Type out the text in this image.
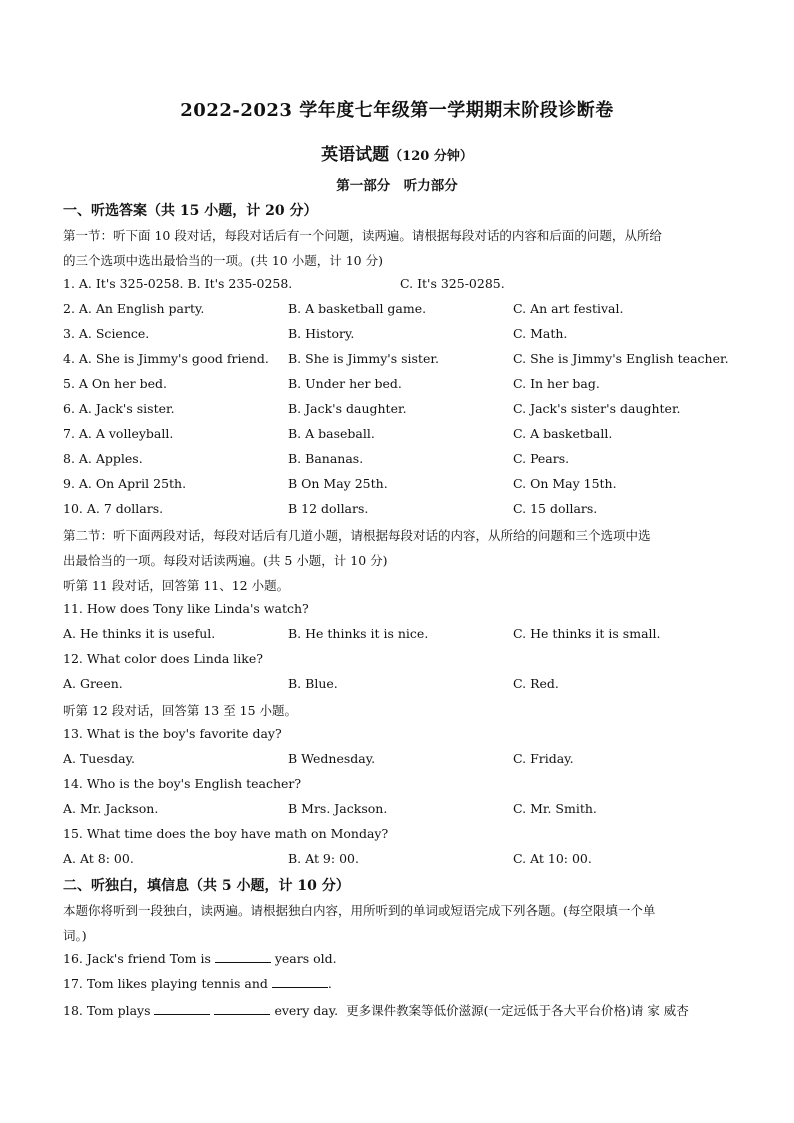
2022-2023 学年度七年级第一学期期末阶段诊断卷
英语试题（120 分钟）
第一部分　听力部分
一、听选答案（共 15 小题，计 20 分）
第一节：听下面 10 段对话，每段对话后有一个问题，读两遍。请根据每段对话的内容和后面的问题，从所给
的三个选项中选出最恰当的一项。(共 10 小题，计 10 分)
1. A. It's 325-0258. B. It's 235-0258.	C. It's 325-0285.
2. A. An English party.	B. A basketball game.	C. An art festival.
3. A. Science.	B. History.	C. Math.
4. A. She is Jimmy's good friend. B. She is Jimmy's sister.	C. She is Jimmy's English teacher.
5. A On her bed.	B. Under her bed.	C. In her bag.
6. A. Jack's sister.	B. Jack's daughter.	C. Jack's sister's daughter.
7. A. A volleyball.	B. A baseball.	C. A basketball.
8. A. Apples.	B. Bananas.	C. Pears.
9. A. On April 25th.	B On May 25th.	C. On May 15th.
10. A. 7 dollars.	B 12 dollars.	C. 15 dollars.
第二节：听下面两段对话，每段对话后有几道小题，请根据每段对话的内容，从所给的问题和三个选项中选
出最恰当的一项。每段对话读两遍。(共 5 小题，计 10 分)
听第 11 段对话，回答第 11、12 小题。
11. How does Tony like Linda's watch?
A. He thinks it is useful.	B. He thinks it is nice.	C. He thinks it is small.
12. What color does Linda like?
A. Green.	B. Blue.	C. Red.
听第 12 段对话，回答第 13 至 15 小题。
13. What is the boy's favorite day?
A. Tuesday.	B Wednesday.	C. Friday.
14. Who is the boy's English teacher?
A. Mr. Jackson.	B Mrs. Jackson.	C. Mr. Smith.
15. What time does the boy have math on Monday?
A. At 8: 00.	B. At 9: 00.	C. At 10: 00.
二、听独白，填信息（共 5 小题，计 10 分）
本题你将听到一段独白，读两遍。请根据独白内容，用所听到的单词或短语完成下列各题。(每空限填一个单
词。)
16. Jack's friend Tom is	years old.
17. Tom likes playing tennis and	.
18. Tom plays	every day. 更多课件教案等低价滋源(一定远低于各大平台价格)请 家 威杏
